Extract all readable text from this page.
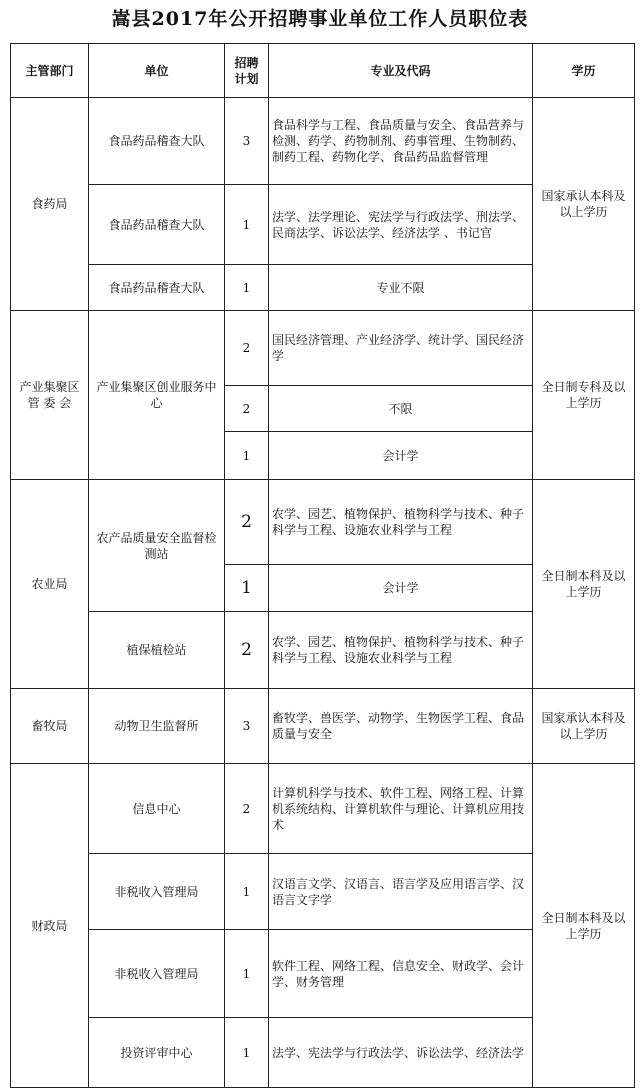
嵩县2017年公开招聘事业单位工作人员职位表
主管部门	单位	招聘计划	专业及代码	学历
食药局	食品药品稽查大队	3	食品科学与工程、食品质量与安全、食品营养与检测、药学、药物制剂、药事管理、生物制药、制药工程、药物化学、食品药品监督管理	国家承认本科及以上学历
	食品药品稽查大队	1	法学、法学理论、宪法学与行政法学、刑法学、民商法学、诉讼法学、经济法学 、书记官	
	食品药品稽查大队	1	专业不限	
产业集聚区管 委 会	产业集聚区创业服务中心	2	国民经济管理、产业经济学、统计学、国民经济学	全日制专科及以上学历
		2	不限	
		1	会计学	
农业局	农产品质量安全监督检测站	2	农学、园艺、植物保护、植物科学与技术、种子科学与工程、设施农业科学与工程	全日制本科及以上学历
		1	会计学	
	植保植检站	2	农学、园艺、植物保护、植物科学与技术、种子科学与工程、设施农业科学与工程	
畜牧局	动物卫生监督所	3	畜牧学、兽医学、动物学、生物医学工程、食品质量与安全	国家承认本科及以上学历
财政局	信息中心	2	计算机科学与技术、软件工程、网络工程、计算机系统结构、计算机软件与理论、计算机应用技术	全日制本科及以上学历
	非税收入管理局	1	汉语言文学、汉语言、语言学及应用语言学、汉语言文字学	
	非税收入管理局	1	软件工程、网络工程、信息安全、财政学、会计学、财务管理	
	投资评审中心	1	法学、宪法学与行政法学、诉讼法学、经济法学	
